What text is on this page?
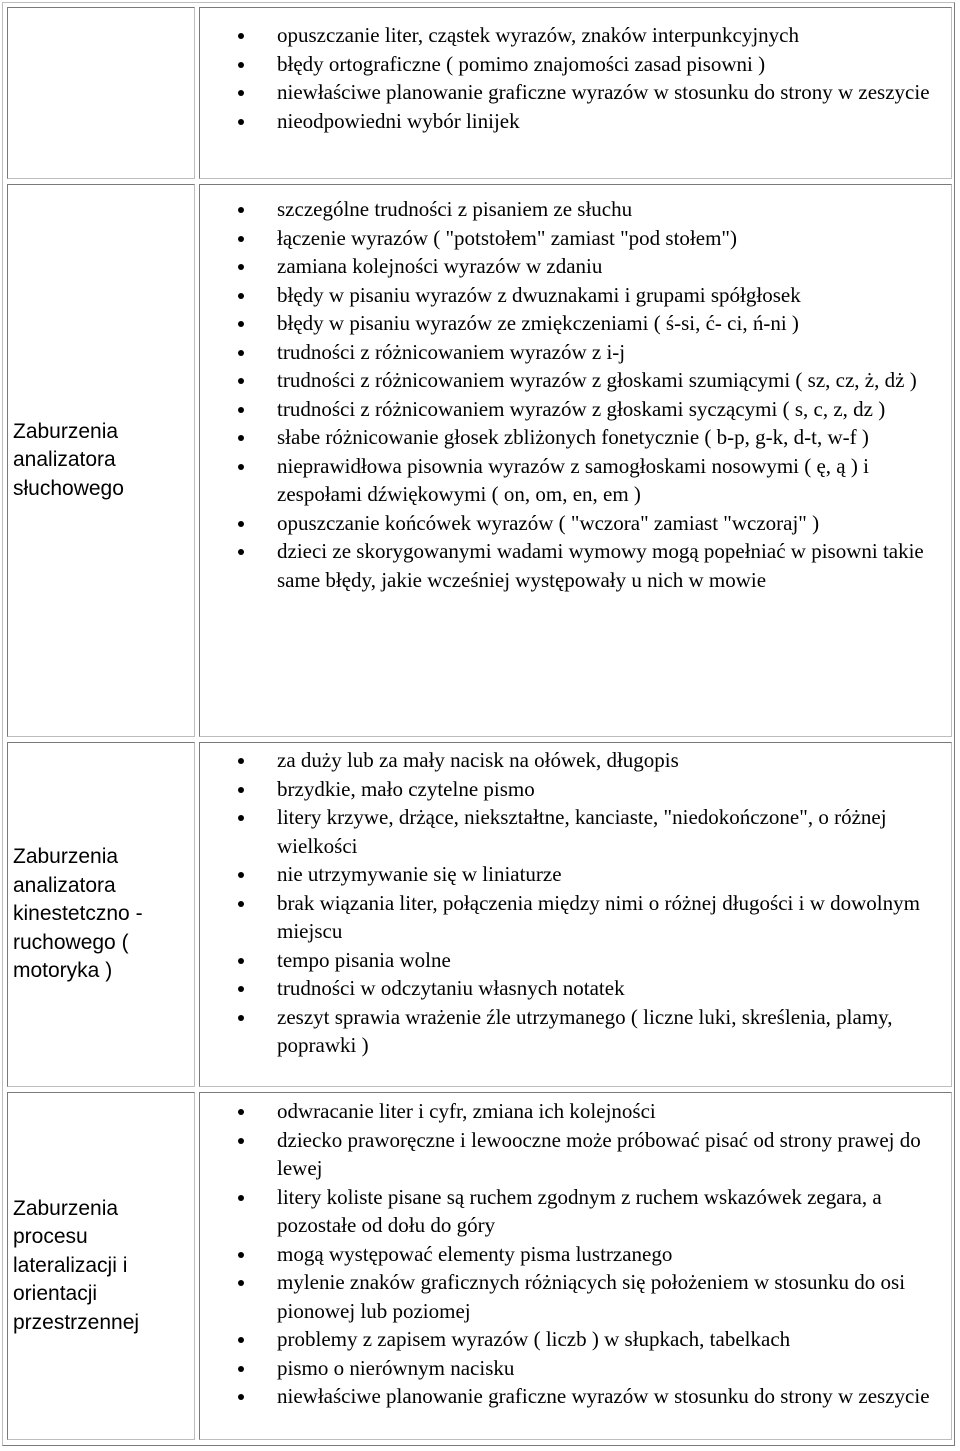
opuszczanie liter, cząstek wyrazów, znaków interpunkcyjnych
błędy ortograficzne ( pomimo znajomości zasad pisowni )
niewłaściwe planowanie graficzne wyrazów w stosunku do strony w zeszycie
nieodpowiedni wybór linijek
Zaburzenia analizatora słuchowego
szczególne trudności z pisaniem ze słuchu
łączenie wyrazów ( "potstołem" zamiast "pod stołem")
zamiana kolejności wyrazów w zdaniu
błędy w pisaniu wyrazów z dwuznakami i grupami spółgłosek
błędy w pisaniu wyrazów ze zmiękczeniami ( ś-si, ć- ci, ń-ni )
trudności z różnicowaniem wyrazów z i-j
trudności z różnicowaniem wyrazów z głoskami szumiącymi ( sz, cz, ż, dż )
trudności z różnicowaniem wyrazów z głoskami syczącymi ( s, c, z, dz )
słabe różnicowanie głosek zbliżonych fonetycznie ( b-p, g-k, d-t, w-f )
nieprawidłowa pisownia wyrazów z samogłoskami nosowymi ( ę, ą ) i zespołami dźwiękowymi ( on, om, en, em )
opuszczanie końcówek wyrazów ( "wczora" zamiast "wczoraj" )
dzieci ze skorygowanymi wadami wymowy mogą popełniać w pisowni takie same błędy, jakie wcześniej występowały u nich w mowie
Zaburzenia analizatora kinestetczno - ruchowego ( motoryka )
za duży lub za mały nacisk na ołówek, długopis
brzydkie, mało czytelne pismo
litery krzywe, drżące, niekształtne, kanciaste, "niedokończone", o różnej wielkości
nie utrzymywanie się w liniaturze
brak wiązania liter, połączenia między nimi o różnej długości i w dowolnym miejscu
tempo pisania wolne
trudności w odczytaniu własnych notatek
zeszyt sprawia wrażenie źle utrzymanego ( liczne luki, skreślenia, plamy, poprawki )
Zaburzenia procesu lateralizacji i orientacji przestrzennej
odwracanie liter i cyfr, zmiana ich kolejności
dziecko praworęczne i lewooczne może próbować pisać od strony prawej do lewej
litery koliste pisane są ruchem zgodnym z ruchem wskazówek zegara, a pozostałe od dołu do góry
mogą występować elementy pisma lustrzanego
mylenie znaków graficznych różniących się położeniem w stosunku do osi pionowej lub poziomej
problemy z zapisem wyrazów ( liczb ) w słupkach, tabelkach
pismo o nierównym nacisku
niewłaściwe planowanie graficzne wyrazów w stosunku do strony w zeszycie
